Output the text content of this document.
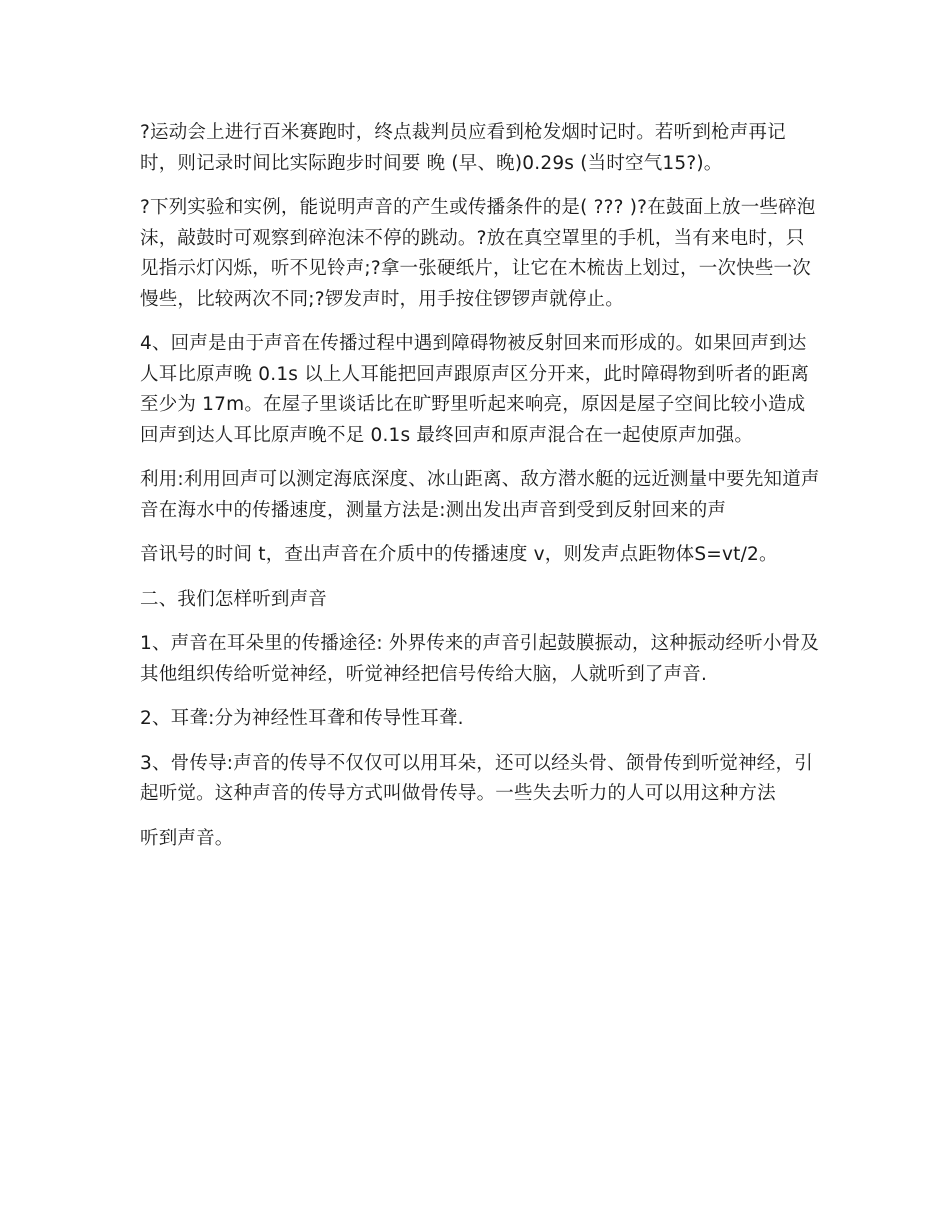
?运动会上进行百米赛跑时，终点裁判员应看到枪发烟时记时。若听到枪声再记时，则记录时间比实际跑步时间要 晚 (早、晚)0.29s (当时空气15?)。

?下列实验和实例，能说明声音的产生或传播条件的是( ??? )?在鼓面上放一些碎泡沫，敲鼓时可观察到碎泡沫不停的跳动。?放在真空罩里的手机，当有来电时，只见指示灯闪烁，听不见铃声;?拿一张硬纸片，让它在木梳齿上划过，一次快些一次慢些，比较两次不同;?锣发声时，用手按住锣锣声就停止。

4、回声是由于声音在传播过程中遇到障碍物被反射回来而形成的。如果回声到达人耳比原声晚 0.1s 以上人耳能把回声跟原声区分开来，此时障碍物到听者的距离至少为 17m。在屋子里谈话比在旷野里听起来响亮，原因是屋子空间比较小造成回声到达人耳比原声晚不足 0.1s 最终回声和原声混合在一起使原声加强。

利用:利用回声可以测定海底深度、冰山距离、敌方潜水艇的远近测量中要先知道声音在海水中的传播速度，测量方法是:测出发出声音到受到反射回来的声

音讯号的时间 t，查出声音在介质中的传播速度 v，则发声点距物体S=vt/2。

二、我们怎样听到声音

1、声音在耳朵里的传播途径: 外界传来的声音引起鼓膜振动，这种振动经听小骨及其他组织传给听觉神经，听觉神经把信号传给大脑，人就听到了声音.

2、耳聋:分为神经性耳聋和传导性耳聋.

3、骨传导:声音的传导不仅仅可以用耳朵，还可以经头骨、颌骨传到听觉神经，引起听觉。这种声音的传导方式叫做骨传导。一些失去听力的人可以用这种方法

听到声音。
